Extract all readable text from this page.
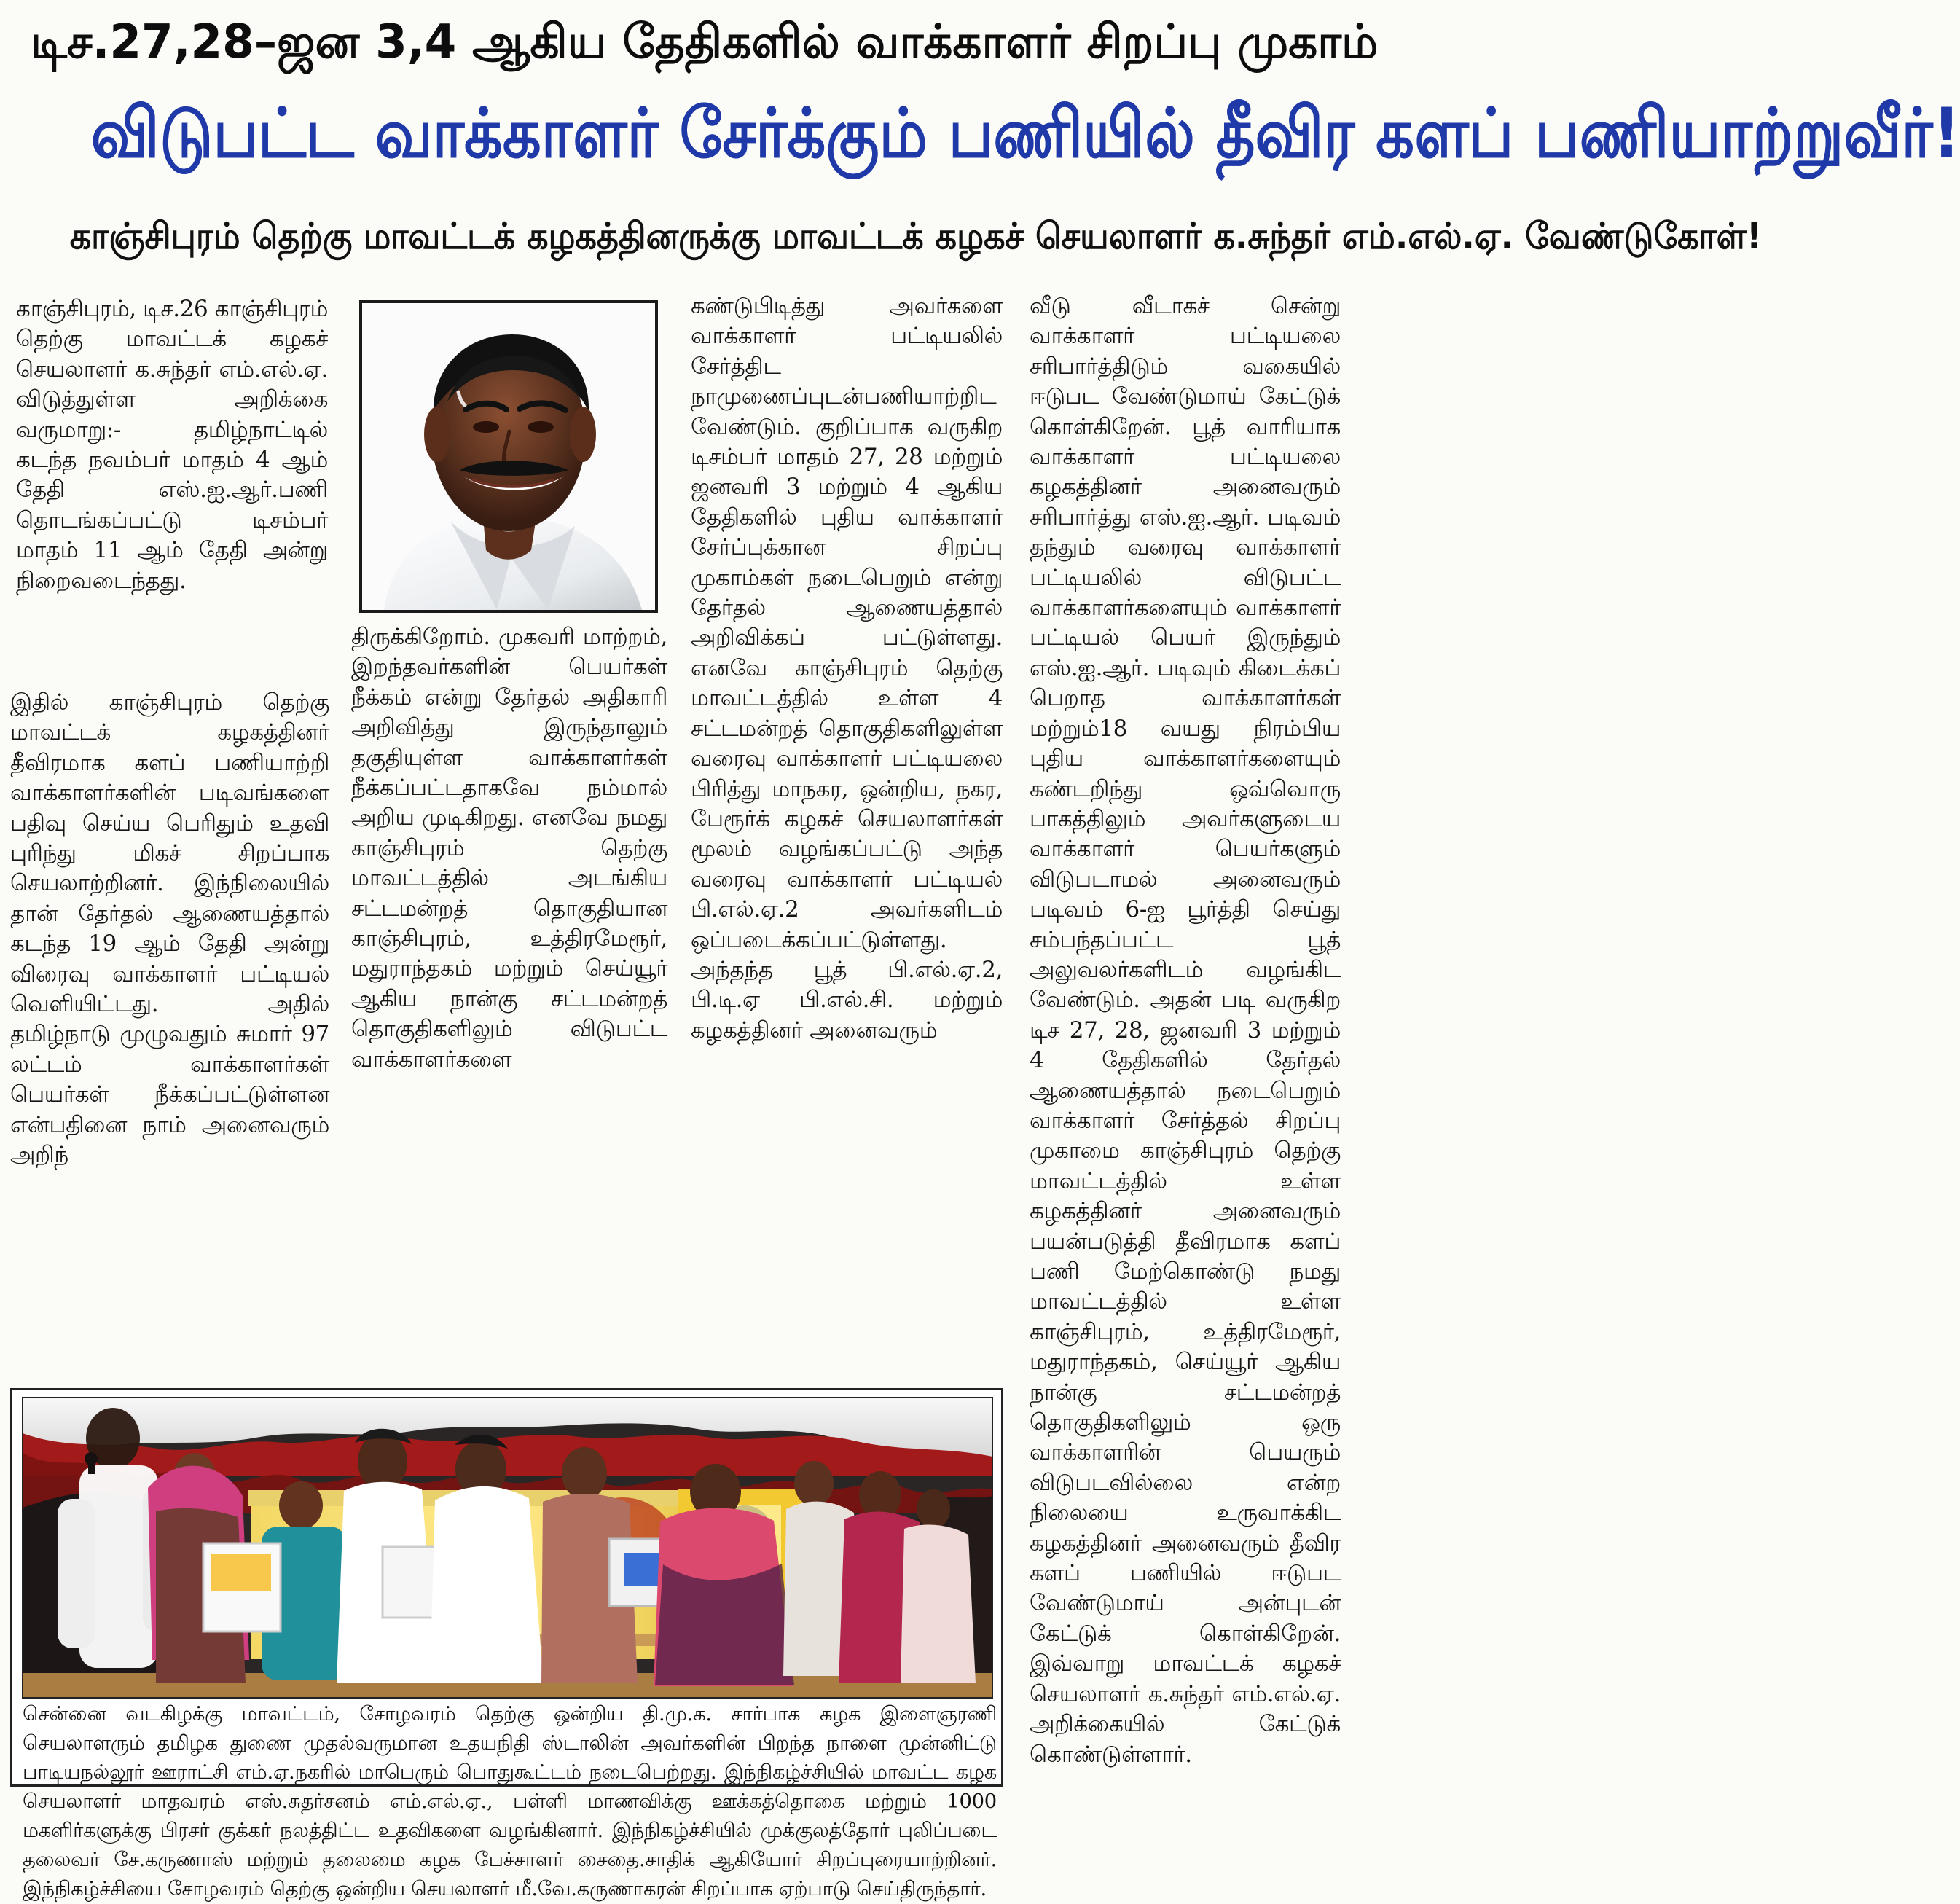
டிச.27,28–ஜன 3,4 ஆகிய தேதிகளில் வாக்காளர் சிறப்பு முகாம்
விடுபட்ட வாக்காளர் சேர்க்கும் பணியில் தீவிர களப் பணியாற்றுவீர்!
காஞ்சிபுரம் தெற்கு மாவட்டக் கழகத்தினருக்கு மாவட்டக் கழகச் செயலாளர் க.சுந்தர் எம்.எல்.ஏ. வேண்டுகோள்!

காஞ்சிபுரம், டிச.26 காஞ்சிபுரம் தெற்கு மாவட்டக் கழகச் செயலாளர் க.சுந்தர் எம்.எல்.ஏ. விடுத்துள்ள அறிக்கை வருமாறு:- தமிழ்நாட்டில் கடந்த நவம்பர் மாதம் 4 ஆம் தேதி எஸ்.ஐ.ஆர்.பணி தொடங்கப்பட்டு டிசம்பர் மாதம் 11 ஆம் தேதி அன்று நிறைவடைந்தது.

இதில் காஞ்சிபுரம் தெற்கு மாவட்டக் கழகத்தினர் தீவிரமாக களப் பணியாற்றி வாக்காளர்களின் படிவங்களை பதிவு செய்ய பெரிதும் உதவி புரிந்து மிகச் சிறப்பாக செயலாற்றினர். இந்நிலையில் தான் தேர்தல் ஆணையத்தால் கடந்த 19 ஆம் தேதி அன்று விரைவு வாக்காளர் பட்டியல் வெளியிட்டது. அதில் தமிழ்நாடு முழுவதும் சுமார் 97 லட்டம் வாக்காளர்கள் பெயர்கள் நீக்கப்பட்டுள்ளன என்பதினை நாம் அனைவரும் அறிந்

திருக்கிறோம். முகவரி மாற்றம், இறந்தவர்களின் பெயர்கள் நீக்கம் என்று தேர்தல் அதிகாரி அறிவித்து இருந்தாலும் தகுதியுள்ள வாக்காளர்கள் நீக்கப்பட்டதாகவே நம்மால் அறிய முடிகிறது. எனவே நமது காஞ்சிபுரம் தெற்கு மாவட்டத்தில் அடங்கிய சட்டமன்றத் தொகுதியான காஞ்சிபுரம், உத்திரமேரூர், மதுராந்தகம் மற்றும் செய்யூர் ஆகிய நான்கு சட்டமன்றத் தொகுதிகளிலும் விடுபட்ட வாக்காளர்களை

கண்டுபிடித்து அவர்களை வாக்காளர் பட்டியலில் சேர்த்திட நாமுணைப்புடன்பணியாற்றிட வேண்டும். குறிப்பாக வருகிற டிசம்பர் மாதம் 27, 28 மற்றும் ஜனவரி 3 மற்றும் 4 ஆகிய தேதிகளில் புதிய வாக்காளர் சேர்ப்புக்கான சிறப்பு முகாம்கள் நடைபெறும் என்று தேர்தல் ஆணையத்தால் அறிவிக்கப் பட்டுள்ளது. எனவே காஞ்சிபுரம் தெற்கு மாவட்டத்தில் உள்ள 4 சட்டமன்றத் தொகுதிகளிலுள்ள வரைவு வாக்காளர் பட்டியலை பிரித்து மாநகர, ஒன்றிய, நகர, பேரூர்க் கழகச் செயலாளர்கள் மூலம் வழங்கப்பட்டு அந்த வரைவு வாக்காளர் பட்டியல் பி.எல்.ஏ.2 அவர்களிடம் ஒப்படைக்கப்பட்டுள்ளது. அந்தந்த பூத் பி.எல்.ஏ.2, பி.டி.ஏ பி.எல்.சி. மற்றும் கழகத்தினர் அனைவரும்

வீடு வீடாகச் சென்று வாக்காளர் பட்டியலை சரிபார்த்திடும் வகையில் ஈடுபட வேண்டுமாய் கேட்டுக் கொள்கிறேன். பூத் வாரியாக வாக்காளர் பட்டியலை கழகத்தினர் அனைவரும் சரிபார்த்து எஸ்.ஐ.ஆர். படிவம் தந்தும் வரைவு வாக்காளர் பட்டியலில் விடுபட்ட வாக்காளர்களையும் வாக்காளர் பட்டியல் பெயர் இருந்தும் எஸ்.ஐ.ஆர். படிவும் கிடைக்கப் பெறாத வாக்காளர்கள் மற்றும்18 வயது நிரம்பிய புதிய வாக்காளர்களையும் கண்டறிந்து ஒவ்வொரு பாகத்திலும் அவர்களுடைய வாக்காளர் பெயர்களும் விடுபடாமல் அனைவரும் படிவம் 6-ஐ பூர்த்தி செய்து சம்பந்தப்பட்ட பூத் அலுவலர்களிடம் வழங்கிட வேண்டும். அதன் படி வருகிற டிச 27, 28, ஜனவரி 3 மற்றும் 4 தேதிகளில் தேர்தல் ஆணையத்தால் நடைபெறும் வாக்காளர் சேர்த்தல் சிறப்பு முகாமை காஞ்சிபுரம் தெற்கு மாவட்டத்தில் உள்ள கழகத்தினர் அனைவரும் பயன்படுத்தி தீவிரமாக களப் பணி மேற்கொண்டு நமது மாவட்டத்தில் உள்ள காஞ்சிபுரம், உத்திரமேரூர், மதுராந்தகம், செய்யூர் ஆகிய நான்கு சட்டமன்றத் தொகுதிகளிலும் ஒரு வாக்காளரின் பெயரும் விடுபடவில்லை என்ற நிலையை உருவாக்கிட கழகத்தினர் அனைவரும் தீவிர களப் பணியில் ஈடுபட வேண்டுமாய் அன்புடன் கேட்டுக் கொள்கிறேன். இவ்வாறு மாவட்டக் கழகச் செயலாளர் க.சுந்தர் எம்.எல்.ஏ. அறிக்கையில் கேட்டுக் கொண்டுள்ளார்.

சென்னை வடகிழக்கு மாவட்டம், சோழவரம் தெற்கு ஒன்றிய தி.மு.க. சார்பாக கழக இளைஞரணி செயலாளரும் தமிழக துணை முதல்வருமான உதயநிதி ஸ்டாலின் அவர்களின் பிறந்த நாளை முன்னிட்டு பாடியநல்லூர் ஊராட்சி எம்.ஏ.நகரில் மாபெரும் பொதுகூட்டம் நடைபெற்றது. இந்நிகழ்ச்சியில் மாவட்ட கழக செயலாளர் மாதவரம் எஸ்.சுதர்சனம் எம்.எல்.ஏ., பள்ளி மாணவிக்கு ஊக்கத்தொகை மற்றும் 1000 மகளிர்களுக்கு பிரசர் குக்கர் நலத்திட்ட உதவிகளை வழங்கினார். இந்நிகழ்ச்சியில் முக்குலத்தோர் புலிப்படை தலைவர் சே.கருணாஸ் மற்றும் தலைமை கழக பேச்சாளர் சைதை.சாதிக் ஆகியோர் சிறப்புரையாற்றினர். இந்நிகழ்ச்சியை சோழவரம் தெற்கு ஒன்றிய செயலாளர் மீ.வே.கருணாகரன் சிறப்பாக ஏற்பாடு செய்திருந்தார்.
